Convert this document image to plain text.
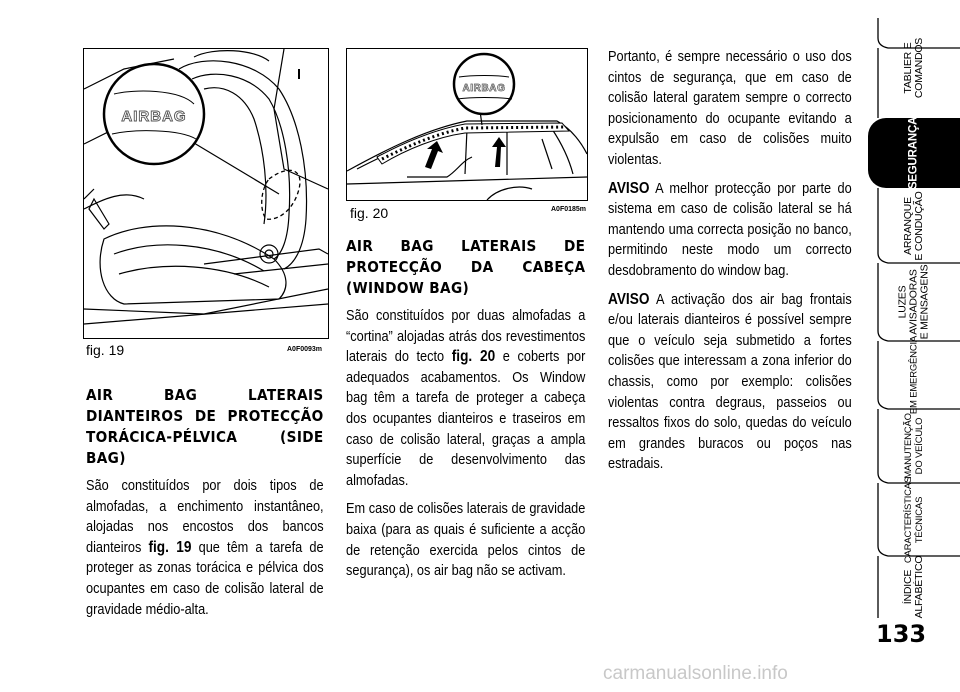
AIRBAG
fig. 19	A0F0093m
AIRBAG
fig. 20	A0F0185m
AIR BAG LATERAIS DIANTEIROS DE PROTECÇÃO TORÁCICA-PÉLVICA (SIDE BAG)

São constituídos por dois tipos de almofadas, a enchimento instantâneo, alojadas nos encostos dos bancos dianteiros fig. 19 que têm a tarefa de proteger as zonas torácica e pélvica dos ocupantes em caso de colisão lateral de gravidade médio-alta.

AIR BAG LATERAIS DE PROTECÇÃO DA CABEÇA (WINDOW BAG)

São constituídos por duas almofadas a “cortina” alojadas atrás dos revestimentos laterais do tecto fig. 20 e coberts por adequados acabamentos. Os Window bag têm a tarefa de proteger a cabeça dos ocupantes dianteiros e traseiros em caso de colisão lateral, graças a ampla superfície de desenvolvimento das almofadas.

Em caso de colisões laterais de gravidade baixa (para as quais é suficiente a acção de retenção exercida pelos cintos de segurança), os air bag não se activam.

Portanto, é sempre necessário o uso dos cintos de segurança, que em caso de colisão lateral garatem sempre o correcto posicionamento do ocupante evitando a expulsão em caso de colisões muito violentas.

AVISO A melhor protecção por parte do sistema em caso de colisão lateral se há mantendo uma correcta posição no banco, permitindo neste modo um correcto desdobramento do window bag.

AVISO A activação dos air bag frontais e/ou laterais dianteiros é possível sempre que o veículo seja submetido a fortes colisões que interessam a zona inferior do chassis, como por exemplo: colisões violentas contra degraus, passeios ou ressaltos fixos do solo, quedas do veículo em grandes buracos ou poços nas estradais.

TABLIER E
COMANDOS
SEGURANÇA
ARRANQUE
E CONDUÇÃO
LUZES
AVISADORAS
E MENSAGENS
EM EMERGÊNCIA
MANUTENÇÃO
DO VEÍCULO
CARACTERÍSTICAS
TÉCNICAS
ÍNDICE
ALFABÉTICO
133
carmanualsonline.info
